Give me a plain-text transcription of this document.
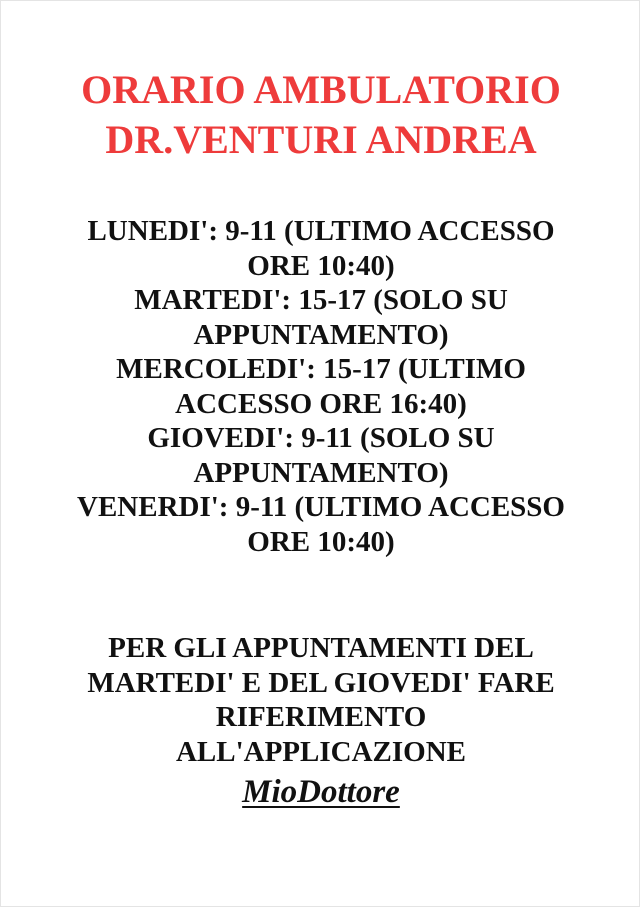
ORARIO AMBULATORIO
DR.VENTURI ANDREA
LUNEDI': 9-11 (ULTIMO ACCESSO
ORE 10:40)
MARTEDI': 15-17 (SOLO SU
APPUNTAMENTO)
MERCOLEDI': 15-17 (ULTIMO
ACCESSO ORE 16:40)
GIOVEDI': 9-11 (SOLO SU
APPUNTAMENTO)
VENERDI': 9-11 (ULTIMO ACCESSO
ORE 10:40)
PER GLI APPUNTAMENTI DEL
MARTEDI' E DEL GIOVEDI' FARE
RIFERIMENTO
ALL'APPLICAZIONE
MioDottore
